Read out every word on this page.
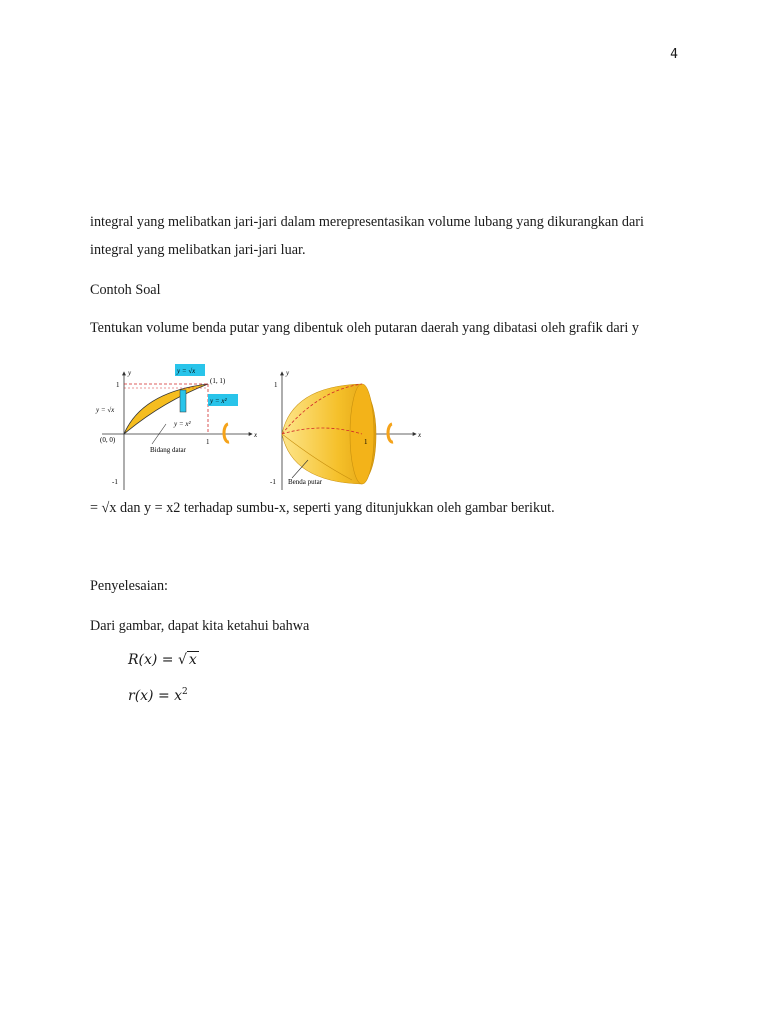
4
integral yang melibatkan jari-jari dalam merepresentasikan volume lubang yang dikurangkan dari
integral yang melibatkan jari-jari luar.
Contoh Soal
Tentukan volume benda putar yang dibentuk oleh putaran daerah yang dibatasi oleh grafik dari y
y = √x
y = x²
(1, 1)
y = √x
y = x²
(0, 0)
Bidang datar
y
x
1
-1
1
Benda putar
y
x
1
-1
1
= √x dan y = x2 terhadap sumbu-x, seperti yang ditunjukkan oleh gambar berikut.
Penyelesaian:
Dari gambar, dapat kita ketahui bahwa
R(x) = √ x
$r(x) = x^2$
